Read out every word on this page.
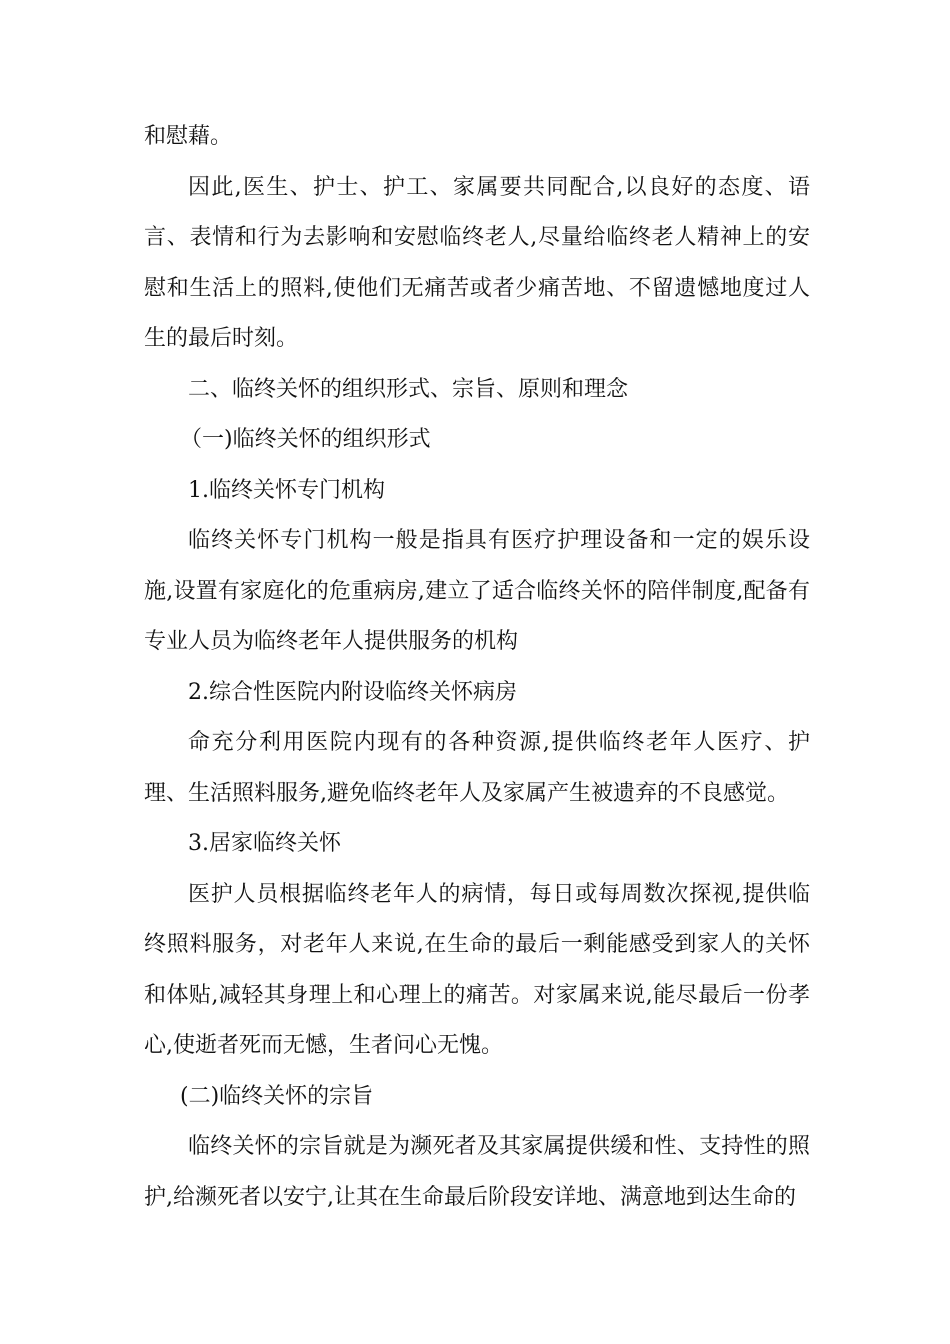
和慰藉。

因此,医生、护士、护工、家属要共同配合,以良好的态度、语言、表情和行为去影响和安慰临终老人,尽量给临终老人精神上的安慰和生活上的照料,使他们无痛苦或者少痛苦地、不留遗憾地度过人生的最后时刻。

二、临终关怀的组织形式、宗旨、原则和理念

（一)临终关怀的组织形式

1.临终关怀专门机构

临终关怀专门机构一般是指具有医疗护理设备和一定的娱乐设施,设置有家庭化的危重病房,建立了适合临终关怀的陪伴制度,配备有专业人员为临终老年人提供服务的机构

2.综合性医院内附设临终关怀病房

命充分利用医院内现有的各种资源,提供临终老年人医疗、护理、生活照料服务,避免临终老年人及家属产生被遗弃的不良感觉。

3.居家临终关怀

医护人员根据临终老年人的病情，每日或每周数次探视,提供临终照料服务，对老年人来说,在生命的最后一剩能感受到家人的关怀和体贴,减轻其身理上和心理上的痛苦。对家属来说,能尽最后一份孝心,使逝者死而无憾，生者问心无愧。

(二)临终关怀的宗旨

临终关怀的宗旨就是为濒死者及其家属提供缓和性、支持性的照护,给濒死者以安宁,让其在生命最后阶段安详地、满意地到达生命的
